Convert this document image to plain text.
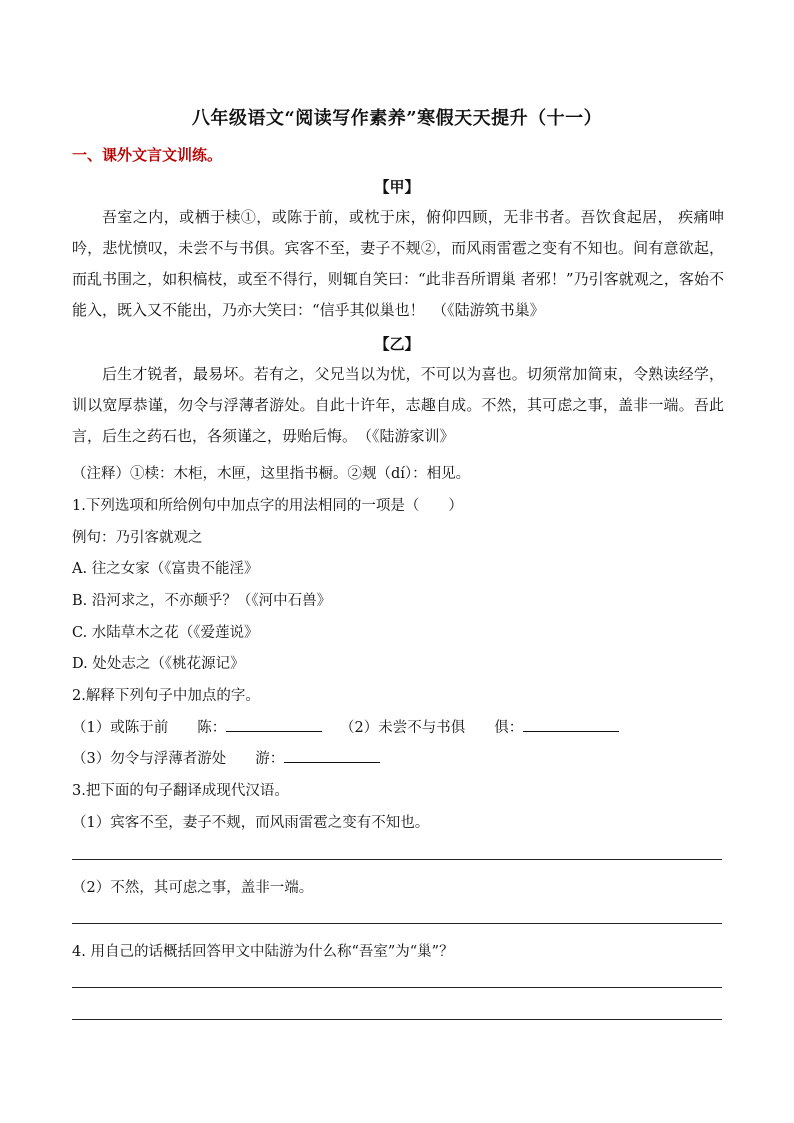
八年级语文“阅读写作素养”寒假天天提升（十一）
一、课外文言文训练。
【甲】

吾室之内，或栖于椟①，或陈于前，或枕于床，俯仰四顾，无非书者。吾饮食起居， 疾痛呻吟，悲忧愤叹，未尝不与书俱。宾客不至，妻子不觌②，而风雨雷雹之变有不知也。间有意欲起，而乱书围之，如积槁枝，或至不得行，则辄自笑曰：“此非吾所谓巢 者邪！”乃引客就观之，客始不能入，既入又不能出，乃亦大笑曰：“信乎其似巢也！　（《陆游筑书巢》

【乙】

后生才锐者，最易坏。若有之，父兄当以为忧，不可以为喜也。切须常加简束，令熟读经学，训以宽厚恭谨，勿令与浮薄者游处。自此十许年，志趣自成。不然，其可虑之事，盖非一端。吾此言，后生之药石也，各须谨之，毋贻后悔。　（《陆游家训》

（注释）①椟：木柜，木匣，这里指书橱。②觌（dí）：相见。
1.下列选项和所给例句中加点字的用法相同的一项是（　　）
例句：乃引客就观之
A. 往之女家（《富贵不能淫》
B. 沿河求之，不亦颠乎？（《河中石兽》
C. 水陆草木之花（《爱莲说》
D. 处处志之（《桃花源记》
2.解释下列句子中加点的字。
（1）或陈于前　　陈：	（2）未尝不与书俱　　俱：
（3）勿令与浮薄者游处　　游：
3.把下面的句子翻译成现代汉语。
（1）宾客不至，妻子不觌，而风雨雷雹之变有不知也。
（2）不然，其可虑之事，盖非一端。
4. 用自己的话概括回答甲文中陆游为什么称“吾室”为“巢”？
